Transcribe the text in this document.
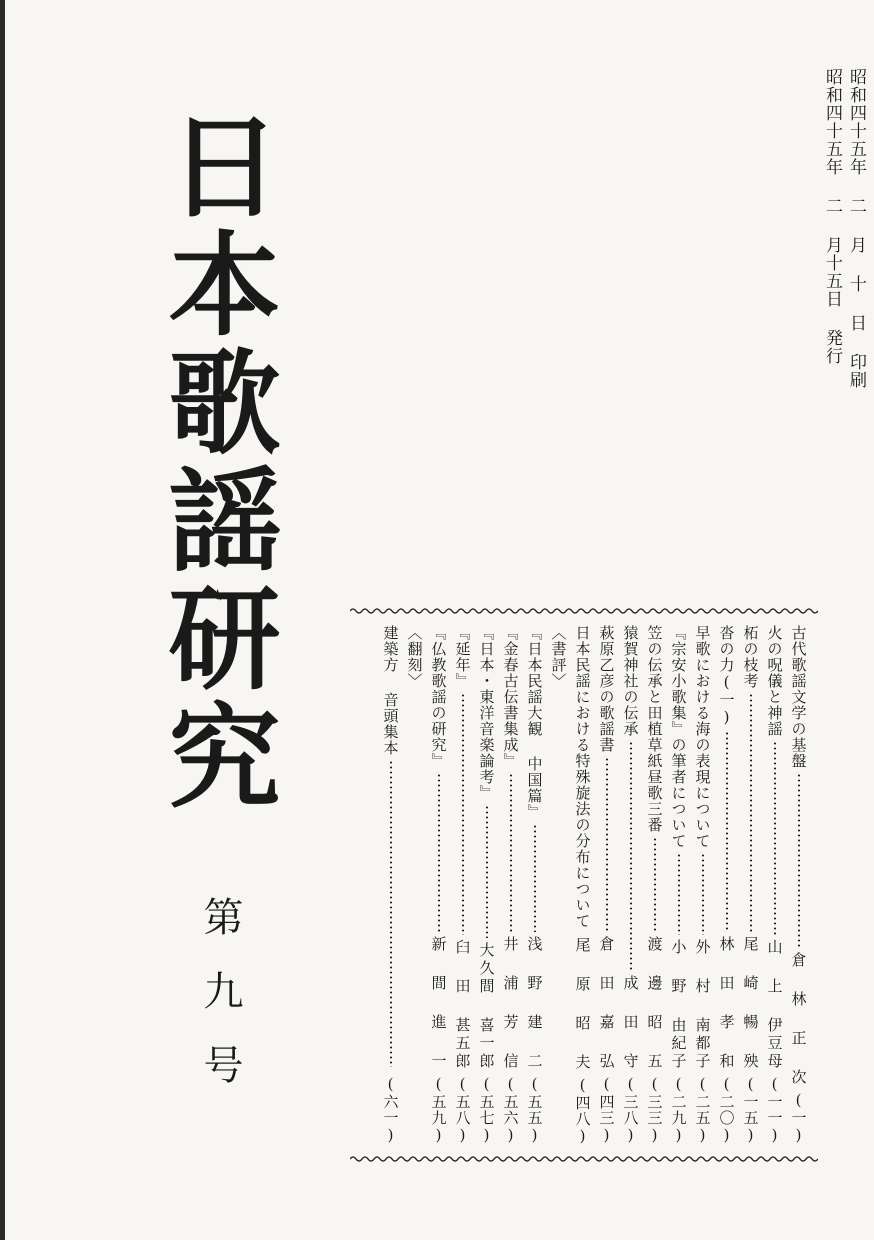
日本歌謡研究
第九号
昭和四十五年 二 月 十 日 印刷
昭和四十五年 二 月十五日 発行
古代歌謡文学の基盤
倉 林 正 次
(一)
火の呪儀と神謡
山 上 伊豆母
(一一)
柘の枝考
尾 崎 暢 殃
(一五)
沓の力(一)
林 田 孝 和
(二〇)
早歌における海の表現について
外 村 南都子
(二五)
『宗安小歌集』の筆者について
小 野 由紀子
(二九)
笠の伝承と田植草紙昼歌三番
渡 邊 昭 五
(三三)
猿賀神社の伝承
成 田 守
(三八)
萩原乙彦の歌謡書
倉 田 嘉 弘
(四三)
日本民謡における特殊旋法の分布について
尾 原 昭 夫
(四八)
〈書評〉
『日本民謡大観 中国篇』
浅 野 建 二
(五五)
『金春古伝書集成』
井 浦 芳 信
(五六)
『日本・東洋音楽論考』
大久間 喜一郎
(五七)
『延年』
臼 田 甚五郎
(五八)
『仏教歌謡の研究』
新 間 進 一
(五九)
〈翻刻〉
建築方 音頭集本
(六一)
